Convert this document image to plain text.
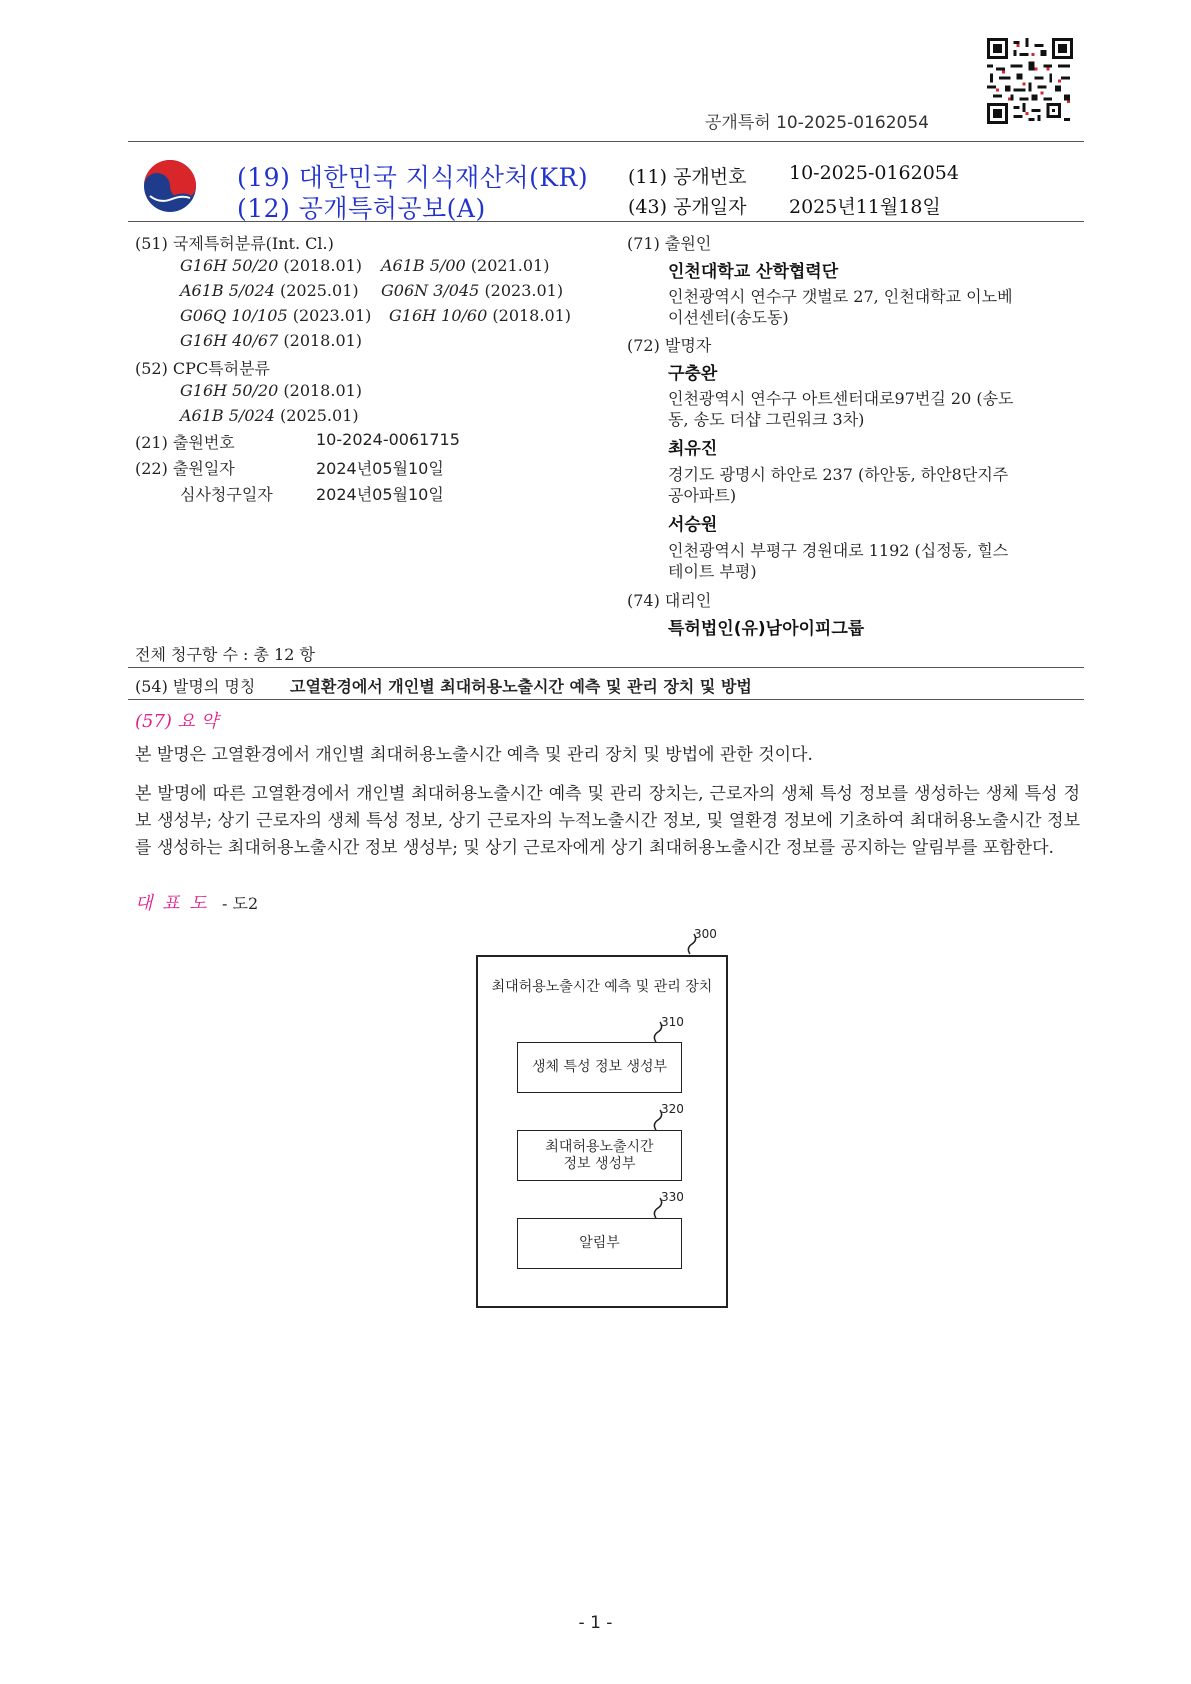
공개특허 10-2025-0162054
(19) 대한민국 지식재산처(KR)
(12) 공개특허공보(A)
(11) 공개번호 10-2025-0162054
(43) 공개일자 2025년11월18일
(51) 국제특허분류(Int. Cl.)
G16H 50/20 (2018.01) A61B 5/00 (2021.01)
A61B 5/024 (2025.01) G06N 3/045 (2023.01)
G06Q 10/105 (2023.01) G16H 10/60 (2018.01)
G16H 40/67 (2018.01)
(52) CPC특허분류
G16H 50/20 (2018.01)
A61B 5/024 (2025.01)
(21) 출원번호	10-2024-0061715
(22) 출원일자	2024년05월10일
심사청구일자	2024년05월10일
(71) 출원인
인천대학교 산학협력단
인천광역시 연수구 갯벌로 27, 인천대학교 이노베
이션센터(송도동)
(72) 발명자
구충완
인천광역시 연수구 아트센터대로97번길 20 (송도
동, 송도 더샵 그린워크 3차)
최유진
경기도 광명시 하안로 237 (하안동, 하안8단지주
공아파트)
서승원
인천광역시 부평구 경원대로 1192 (십정동, 힐스
테이트 부평)
(74) 대리인
특허법인(유)남아이피그룹
전체 청구항 수 : 총 12 항
(54) 발명의 명칭 고열환경에서 개인별 최대허용노출시간 예측 및 관리 장치 및 방법
(57) 요 약
본 발명은 고열환경에서 개인별 최대허용노출시간 예측 및 관리 장치 및 방법에 관한 것이다.
본 발명에 따른 고열환경에서 개인별 최대허용노출시간 예측 및 관리 장치는, 근로자의 생체 특성 정보를 생성하는 생체 특성 정보 생성부; 상기 근로자의 생체 특성 정보, 상기 근로자의 누적노출시간 정보, 및 열환경 정보에 기초하여 최대허용노출시간 정보를 생성하는 최대허용노출시간 정보 생성부; 및 상기 근로자에게 상기 최대허용노출시간 정보를 공지하는 알림부를 포함한다.
대 표 도 - 도2
300
최대허용노출시간 예측 및 관리 장치
310
생체 특성 정보 생성부
320
최대허용노출시간
정보 생성부
330
알림부
- 1 -
